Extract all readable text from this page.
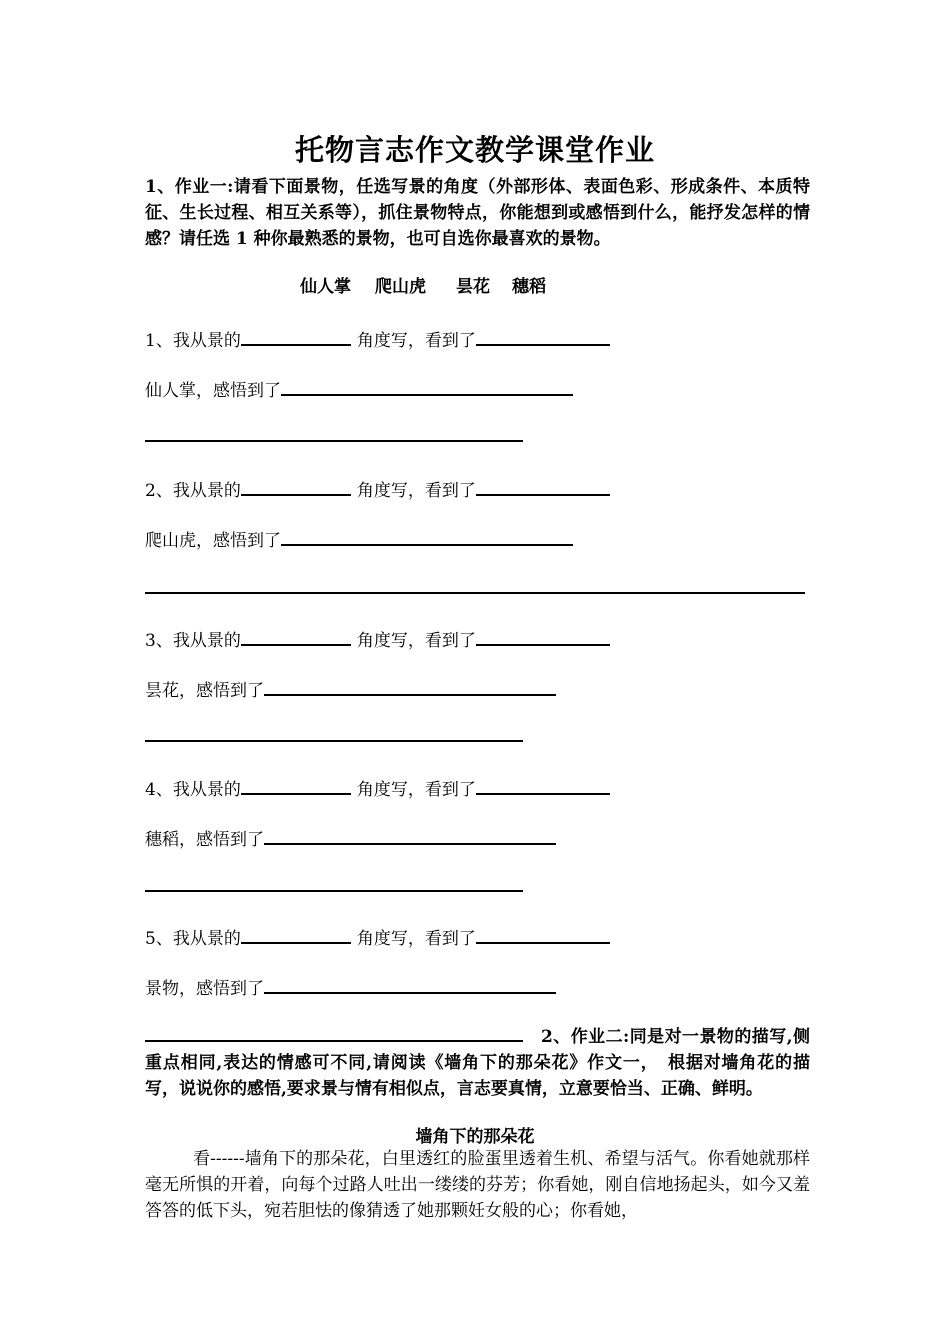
托物言志作文教学课堂作业
1、作业一:请看下面景物，任选写景的角度（外部形体、表面色彩、形成条件、本质特征、生长过程、相互关系等），抓住景物特点，你能想到或感悟到什么，能抒发怎样的情感？请任选 1 种你最熟悉的景物，也可自选你最喜欢的景物。
仙人掌 爬山虎 昙花 穗稻
1、我从景的	角度写，看到了
仙人掌，感悟到了
2、我从景的	角度写，看到了
爬山虎，感悟到了
3、我从景的	角度写，看到了
昙花，感悟到了
4、我从景的	角度写，看到了
穗稻，感悟到了
5、我从景的	角度写，看到了
景物，感悟到了
2、作业二:同是对一景物的描写,侧重点相同,表达的情感可不同,请阅读《墙角下的那朵花》作文一，　根据对墙角花的描写，说说你的感悟,要求景与情有相似点，言志要真情，立意要恰当、正确、鲜明。
墙角下的那朵花
看------墙角下的那朵花，白里透红的脸蛋里透着生机、希望与活气。你看她就那样毫无所惧的开着，向每个过路人吐出一缕缕的芬芳；你看她，刚自信地扬起头，如今又羞答答的低下头，宛若胆怯的像猜透了她那颗妊女般的心；你看她，
